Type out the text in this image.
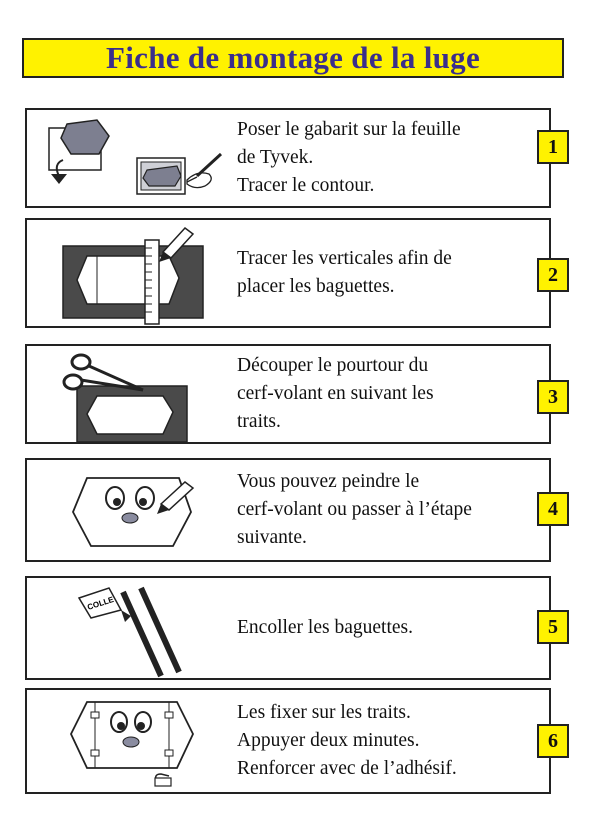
Fiche de montage de la luge
Poser le gabarit sur la feuille
de Tyvek.
Tracer le contour.
1
Tracer les verticales afin de
placer les baguettes.
2
Découper le pourtour du
cerf-volant en suivant les
traits.
3
Vous pouvez peindre le
cerf-volant ou passer à l’étape
suivante.
4
COLLE
Encoller les baguettes.	5
Les fixer sur les traits.
Appuyer deux minutes.
Renforcer avec de l’adhésif.
6
